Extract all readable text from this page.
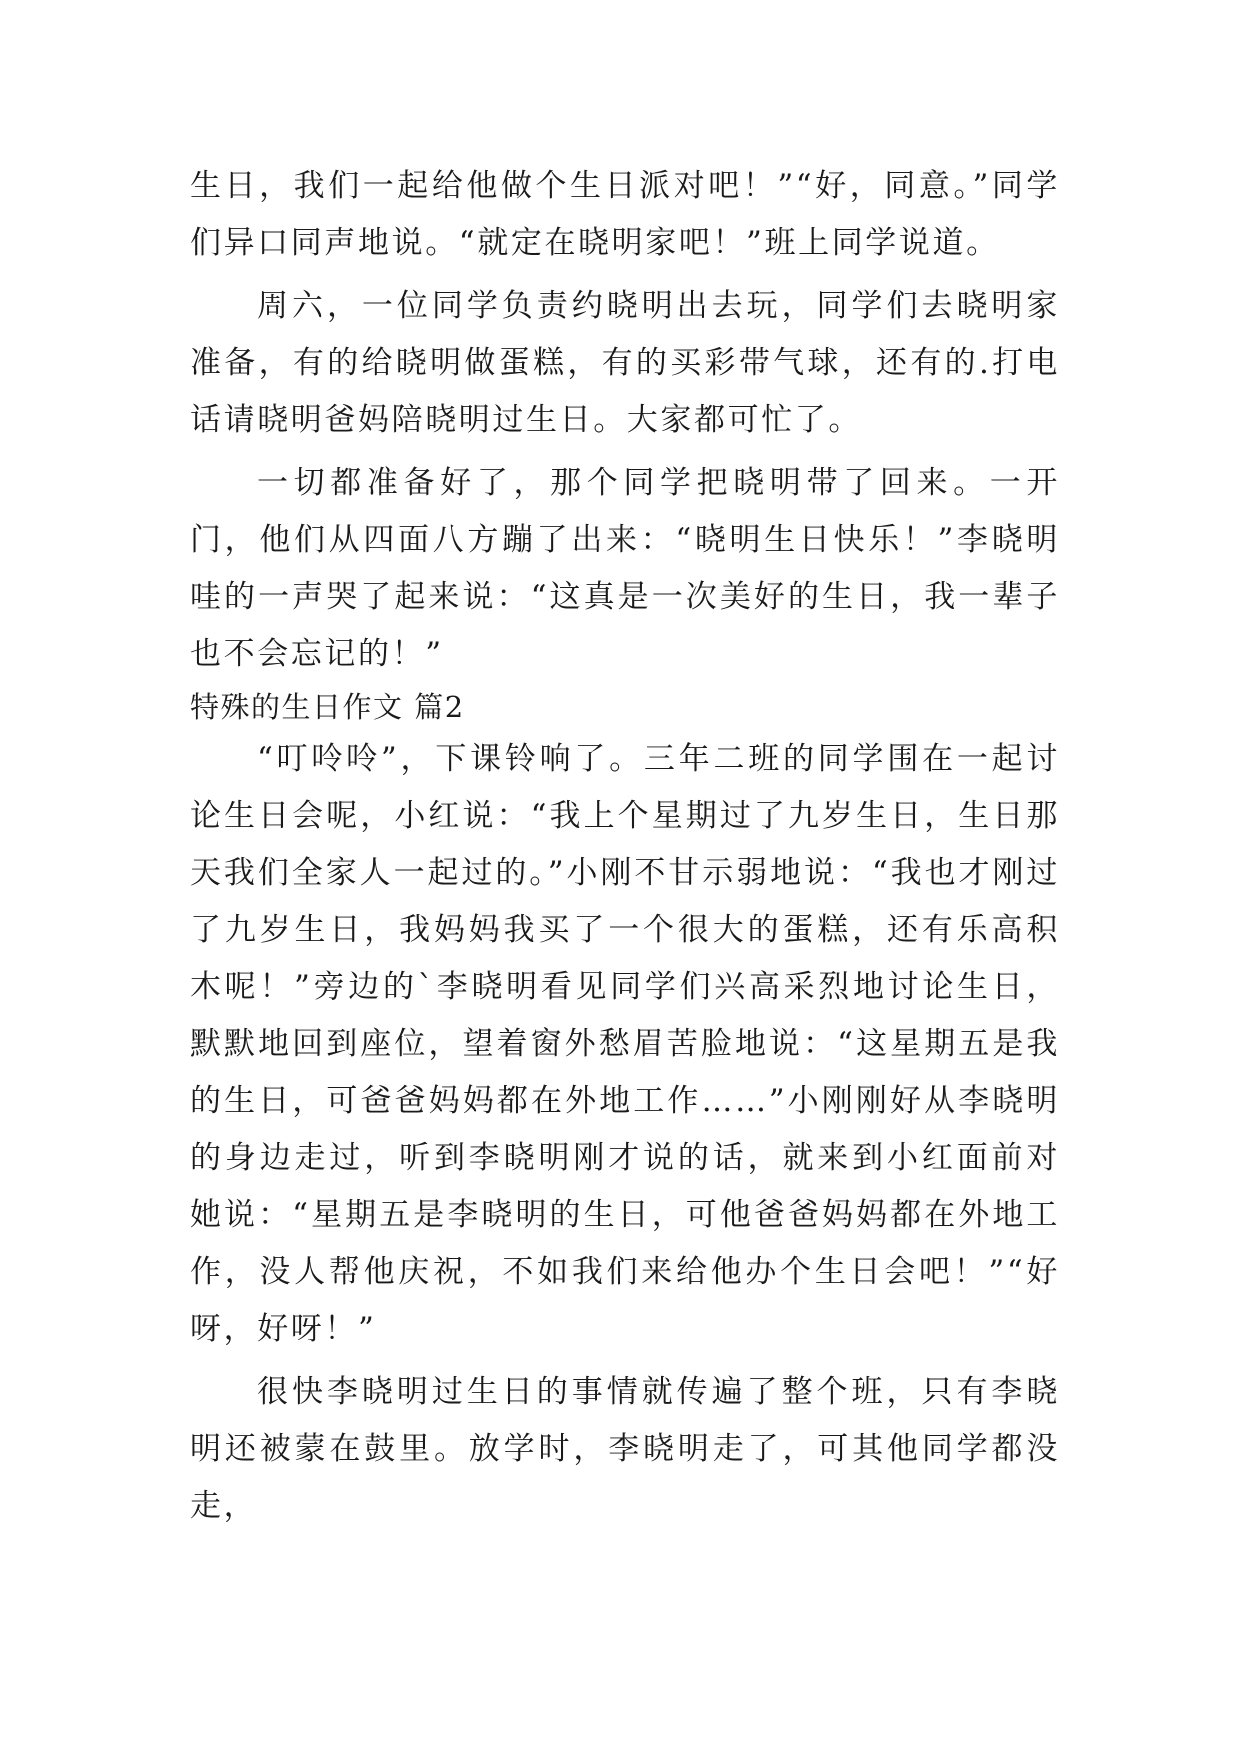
生日，我们一起给他做个生日派对吧！”“好，同意。”同学们异口同声地说。“就定在晓明家吧！”班上同学说道。

周六，一位同学负责约晓明出去玩，同学们去晓明家准备，有的给晓明做蛋糕，有的买彩带气球，还有的.打电话请晓明爸妈陪晓明过生日。大家都可忙了。

一切都准备好了，那个同学把晓明带了回来。一开门，他们从四面八方蹦了出来：“晓明生日快乐！”李晓明哇的一声哭了起来说：“这真是一次美好的生日，我一辈子也不会忘记的！”

特殊的生日作文 篇2

“叮呤呤”，下课铃响了。三年二班的同学围在一起讨论生日会呢，小红说：“我上个星期过了九岁生日，生日那天我们全家人一起过的。”小刚不甘示弱地说：“我也才刚过了九岁生日，我妈妈我买了一个很大的蛋糕，还有乐高积木呢！”旁边的`李晓明看见同学们兴高采烈地讨论生日，默默地回到座位，望着窗外愁眉苦脸地说：“这星期五是我的生日，可爸爸妈妈都在外地工作……”小刚刚好从李晓明的身边走过，听到李晓明刚才说的话，就来到小红面前对她说：“星期五是李晓明的生日，可他爸爸妈妈都在外地工作，没人帮他庆祝，不如我们来给他办个生日会吧！”“好呀，好呀！”

很快李晓明过生日的事情就传遍了整个班，只有李晓明还被蒙在鼓里。放学时，李晓明走了，可其他同学都没走，
